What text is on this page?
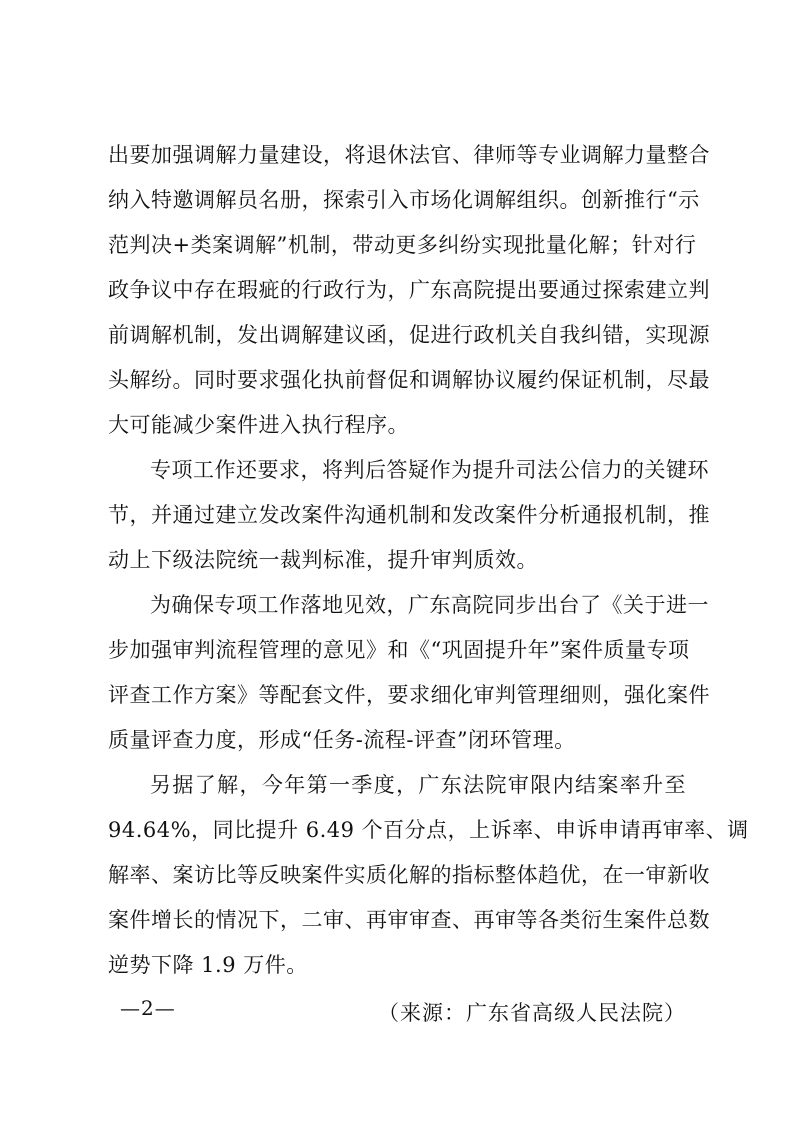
出要加强调解力量建设，将退休法官、律师等专业调解力量整合
纳入特邀调解员名册，探索引入市场化调解组织。创新推行“示
范判决+类案调解”机制，带动更多纠纷实现批量化解；针对行
政争议中存在瑕疵的行政行为，广东高院提出要通过探索建立判
前调解机制，发出调解建议函，促进行政机关自我纠错，实现源
头解纷。同时要求强化执前督促和调解协议履约保证机制，尽最
大可能减少案件进入执行程序。
专项工作还要求，将判后答疑作为提升司法公信力的关键环
节，并通过建立发改案件沟通机制和发改案件分析通报机制，推
动上下级法院统一裁判标准，提升审判质效。
为确保专项工作落地见效，广东高院同步出台了《关于进一
步加强审判流程管理的意见》和《“巩固提升年”案件质量专项
评查工作方案》等配套文件，要求细化审判管理细则，强化案件
质量评查力度，形成“任务-流程-评查”闭环管理。
另据了解，今年第一季度，广东法院审限内结案率升至
94.64%，同比提升 6.49 个百分点，上诉率、申诉申请再审率、调
解率、案访比等反映案件实质化解的指标整体趋优，在一审新收
案件增长的情况下，二审、再审审查、再审等各类衍生案件总数
逆势下降 1.9 万件。
（来源：广东省高级人民法院）
—2—
